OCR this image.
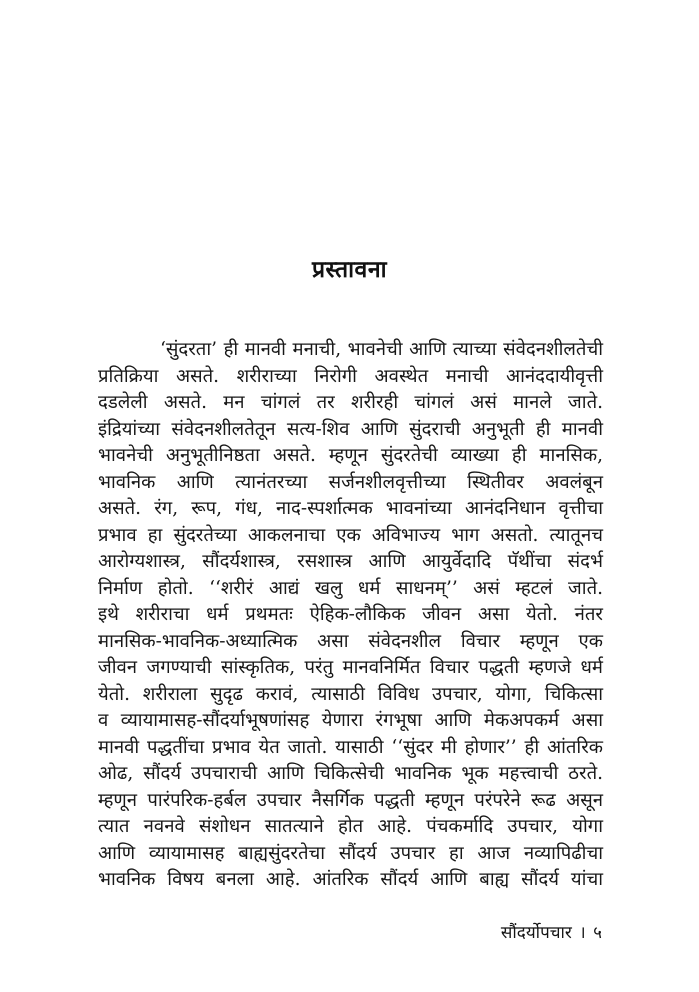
प्रस्तावना
‘सुंदरता’ ही मानवी मनाची, भावनेची आणि त्याच्या संवेदनशीलतेची
प्रतिक्रिया असते. शरीराच्या निरोगी अवस्थेत मनाची आनंददायीवृत्ती
दडलेली असते. मन चांगलं तर शरीरही चांगलं असं मानले जाते.
इंद्रियांच्या संवेदनशीलतेतून सत्य-शिव आणि सुंदराची अनुभूती ही मानवी
भावनेची अनुभूतीनिष्ठता असते. म्हणून सुंदरतेची व्याख्या ही मानसिक,
भावनिक आणि त्यानंतरच्या सर्जनशीलवृत्तीच्या स्थितीवर अवलंबून
असते. रंग, रूप, गंध, नाद-स्पर्शात्मक भावनांच्या आनंदनिधान वृत्तीचा
प्रभाव हा सुंदरतेच्या आकलनाचा एक अविभाज्य भाग असतो. त्यातूनच
आरोग्यशास्त्र, सौंदर्यशास्त्र, रसशास्त्र आणि आयुर्वेदादि पॅथींचा संदर्भ
निर्माण होतो. ‘‘शरीरं आद्यं खलु धर्म साधनम्’’ असं म्हटलं जाते.
इथे शरीराचा धर्म प्रथमतः ऐहिक-लौकिक जीवन असा येतो. नंतर
मानसिक-भावनिक-अध्यात्मिक असा संवेदनशील विचार म्हणून एक
जीवन जगण्याची सांस्कृतिक, परंतु मानवनिर्मित विचार पद्धती म्हणजे धर्म
येतो. शरीराला सुदृढ करावं, त्यासाठी विविध उपचार, योगा, चिकित्सा
व व्यायामासह-सौंदर्याभूषणांसह येणारा रंगभूषा आणि मेकअपकर्म असा
मानवी पद्धतींचा प्रभाव येत जातो. यासाठी ‘‘सुंदर मी होणार’’ ही आंतरिक
ओढ, सौंदर्य उपचाराची आणि चिकित्सेची भावनिक भूक महत्त्वाची ठरते.
म्हणून पारंपरिक-हर्बल उपचार नैसर्गिक पद्धती म्हणून परंपरेने रूढ असून
त्यात नवनवे संशोधन सातत्याने होत आहे. पंचकर्मादि उपचार, योगा
आणि व्यायामासह बाह्यसुंदरतेचा सौंदर्य उपचार हा आज नव्यापिढीचा
भावनिक विषय बनला आहे. आंतरिक सौंदर्य आणि बाह्य सौंदर्य यांचा
सौंदर्योपचार । ५
